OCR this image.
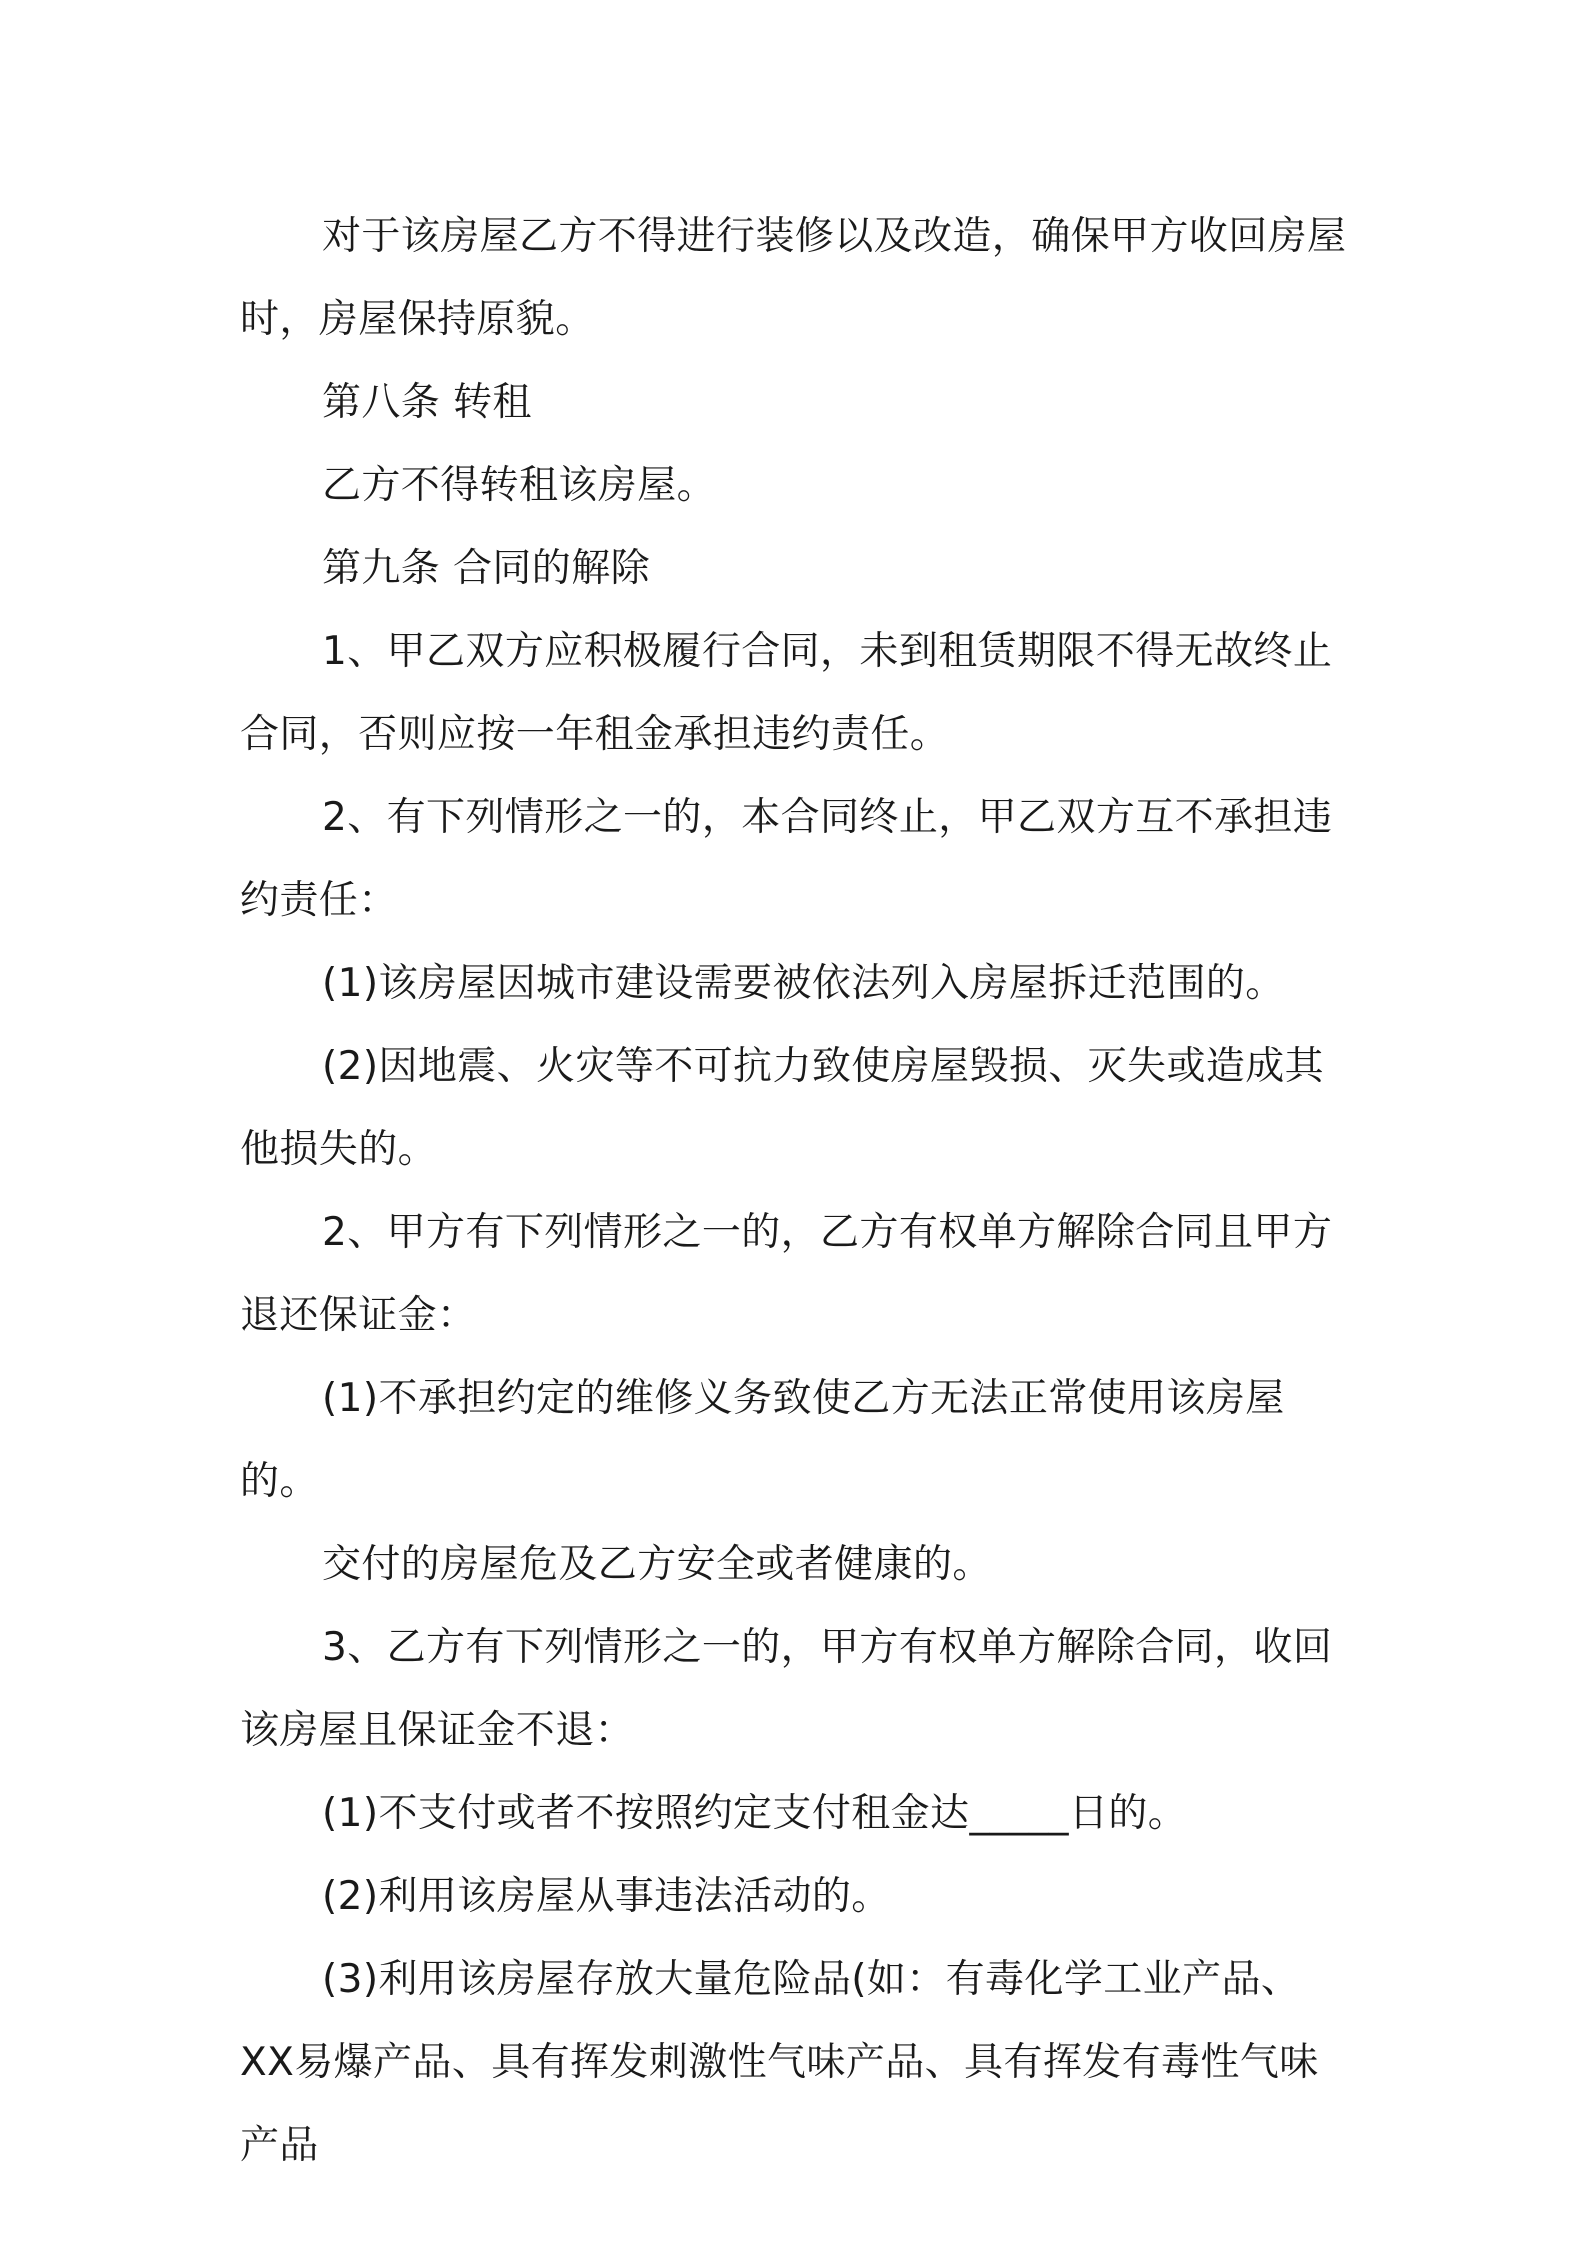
对于该房屋乙方不得进行装修以及改造，确保甲方收回房屋时，房屋保持原貌。

第八条 转租

乙方不得转租该房屋。

第九条 合同的解除

1、甲乙双方应积极履行合同，未到租赁期限不得无故终止合同，否则应按一年租金承担违约责任。

2、有下列情形之一的，本合同终止，甲乙双方互不承担违约责任：

(1)该房屋因城市建设需要被依法列入房屋拆迁范围的。

(2)因地震、火灾等不可抗力致使房屋毁损、灭失或造成其他损失的。

2、甲方有下列情形之一的，乙方有权单方解除合同且甲方退还保证金：

(1)不承担约定的维修义务致使乙方无法正常使用该房屋的。

交付的房屋危及乙方安全或者健康的。

3、乙方有下列情形之一的，甲方有权单方解除合同，收回该房屋且保证金不退：

(1)不支付或者不按照约定支付租金达_____日的。

(2)利用该房屋从事违法活动的。

(3)利用该房屋存放大量危险品(如：有毒化学工业产品、XX易爆产品、具有挥发刺激性气味产品、具有挥发有毒性气味产品
